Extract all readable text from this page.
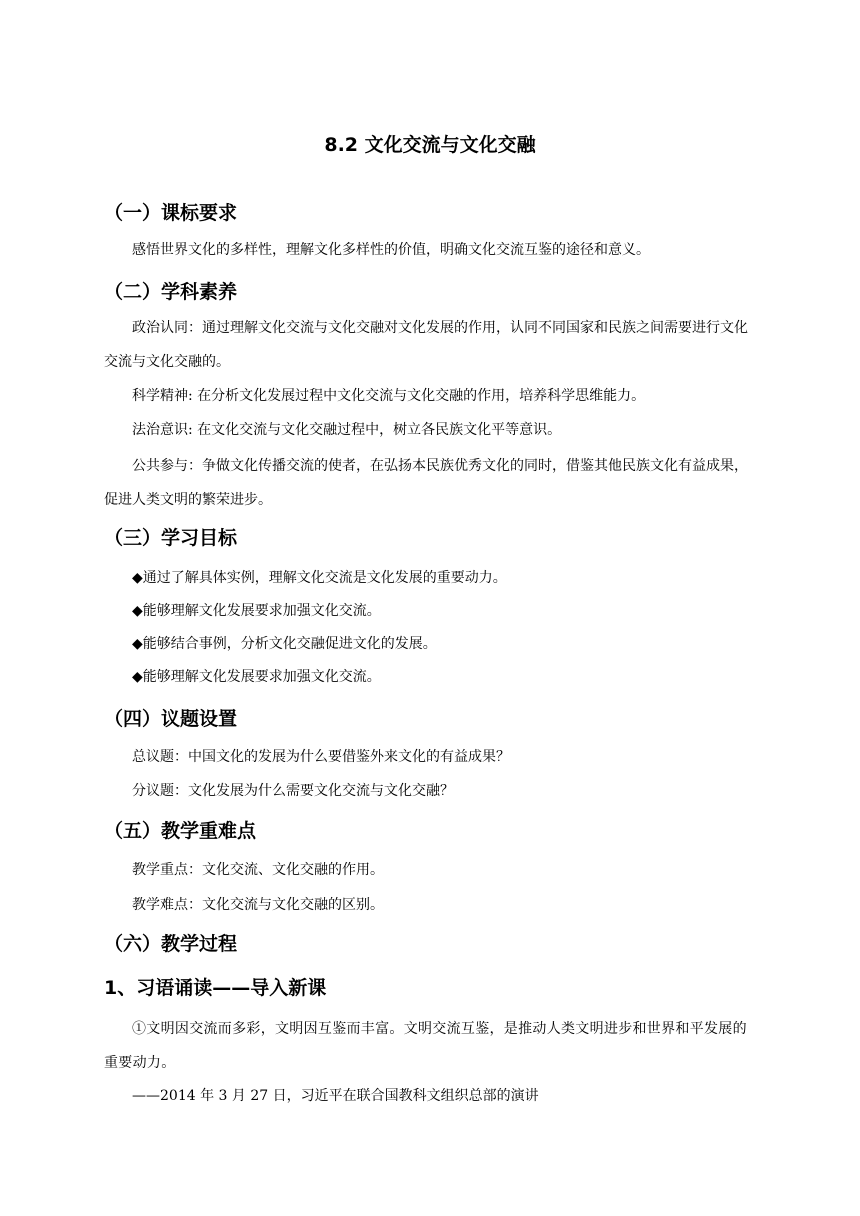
8.2 文化交流与文化交融
（一）课标要求

感悟世界文化的多样性，理解文化多样性的价值，明确文化交流互鉴的途径和意义。

（二）学科素养

政治认同：通过理解文化交流与文化交融对文化发展的作用，认同不同国家和民族之间需要进行文化交流与文化交融的。

科学精神: 在分析文化发展过程中文化交流与文化交融的作用，培养科学思维能力。

法治意识: 在文化交流与文化交融过程中，树立各民族文化平等意识。

公共参与：争做文化传播交流的使者，在弘扬本民族优秀文化的同时，借鉴其他民族文化有益成果，促进人类文明的繁荣进步。

（三）学习目标

◆通过了解具体实例，理解文化交流是文化发展的重要动力。

◆能够理解文化发展要求加强文化交流。

◆能够结合事例，分析文化交融促进文化的发展。

◆能够理解文化发展要求加强文化交流。

（四）议题设置

总议题：中国文化的发展为什么要借鉴外来文化的有益成果？

分议题：文化发展为什么需要文化交流与文化交融？

（五）教学重难点

教学重点：文化交流、文化交融的作用。

教学难点：文化交流与文化交融的区别。

（六）教学过程
1、习语诵读——导入新课

①文明因交流而多彩，文明因互鉴而丰富。文明交流互鉴，是推动人类文明进步和世界和平发展的重要动力。

——2014 年 3 月 27 日，习近平在联合国教科文组织总部的演讲
